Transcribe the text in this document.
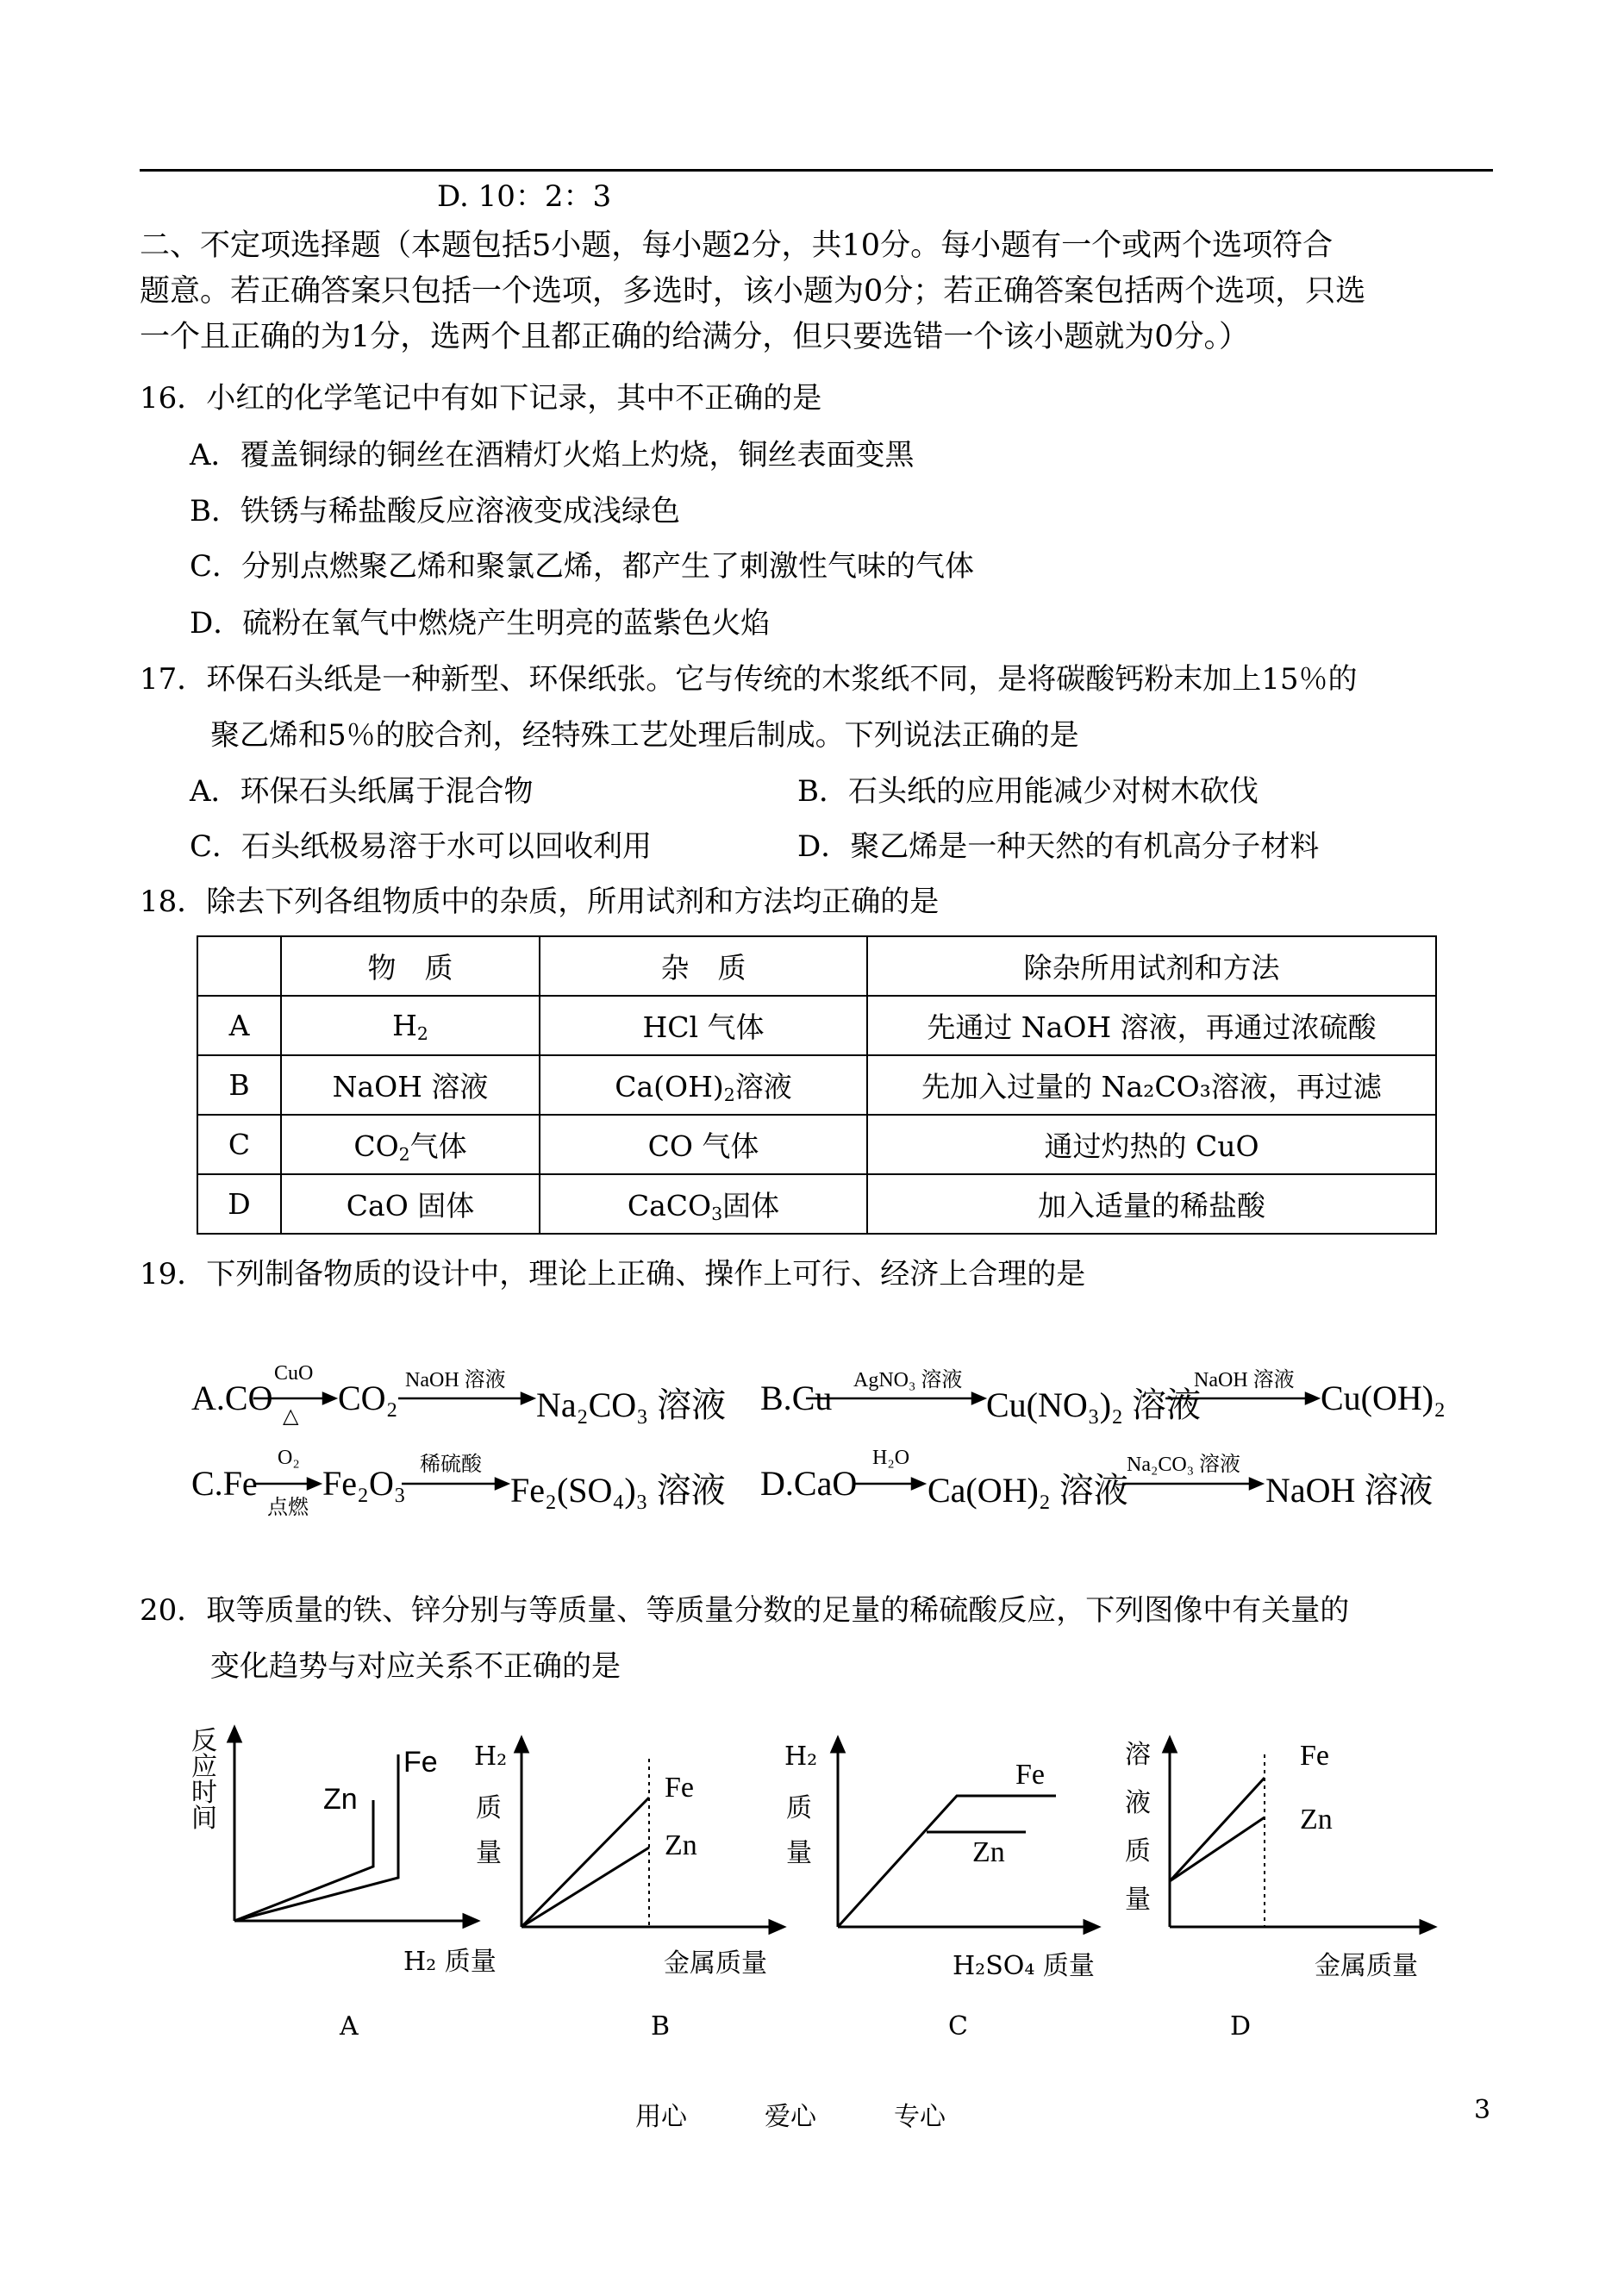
D. 10：2：3
二、不定项选择题（本题包括5小题，每小题2分，共10分。每小题有一个或两个选项符合
题意。若正确答案只包括一个选项，多选时，该小题为0分；若正确答案包括两个选项，只选
一个且正确的为1分，选两个且都正确的给满分，但只要选错一个该小题就为0分。）
16．小红的化学笔记中有如下记录，其中不正确的是
A．覆盖铜绿的铜丝在酒精灯火焰上灼烧，铜丝表面变黑
B．铁锈与稀盐酸反应溶液变成浅绿色
C．分别点燃聚乙烯和聚氯乙烯，都产生了刺激性气味的气体
D．硫粉在氧气中燃烧产生明亮的蓝紫色火焰
17．环保石头纸是一种新型、环保纸张。它与传统的木浆纸不同，是将碳酸钙粉末加上15％的
聚乙烯和5％的胶合剂，经特殊工艺处理后制成。下列说法正确的是
A．环保石头纸属于混合物	B．石头纸的应用能减少对树木砍伐
C．石头纸极易溶于水可以回收利用	D．聚乙烯是一种天然的有机高分子材料
18．除去下列各组物质中的杂质，所用试剂和方法均正确的是
	物　质	杂　质	除杂所用试剂和方法
A	$H_2$	HCl 气体	先通过 NaOH 溶液，再通过浓硫酸
B	NaOH 溶液	$Ca(OH)_2$溶液	先加入过量的 Na₂CO₃溶液，再过滤
C	$CO_2$气体	CO 气体	通过灼热的 CuO
D	CaO 固体	CaCO$_3$固体	加入适量的稀盐酸
19．下列制备物质的设计中，理论上正确、操作上可行、经济上合理的是
A.CO
CuO
△ CO₂ NaOH 溶液
Na₂CO₃ 溶液 B.Cu AgNO₃ 溶液
Cu(NO₃)₂ 溶液
NaOH 溶液 Cu(OH)₂
C.Fe
O₂
点燃
Fe₂O₃ 稀硫酸
Fe₂(SO₄)₃ 溶液 D.CaO
H₂O
Ca(OH)₂ 溶液
Na₂CO₃ 溶液
NaOH 溶液
20．取等质量的铁、锌分别与等质量、等质量分数的足量的稀硫酸反应，下列图像中有关量的
变化趋势与对应关系不正确的是
反
应
时
间
Fe
Zn
H₂ 质量
A
H₂
质
量
Fe
Zn
金属质量
B
H₂
质
量
Fe
Zn
H₂SO₄ 质量
C
溶
液
质
量
Fe
Zn
金属质量
D
用心	爱心	专心	3
